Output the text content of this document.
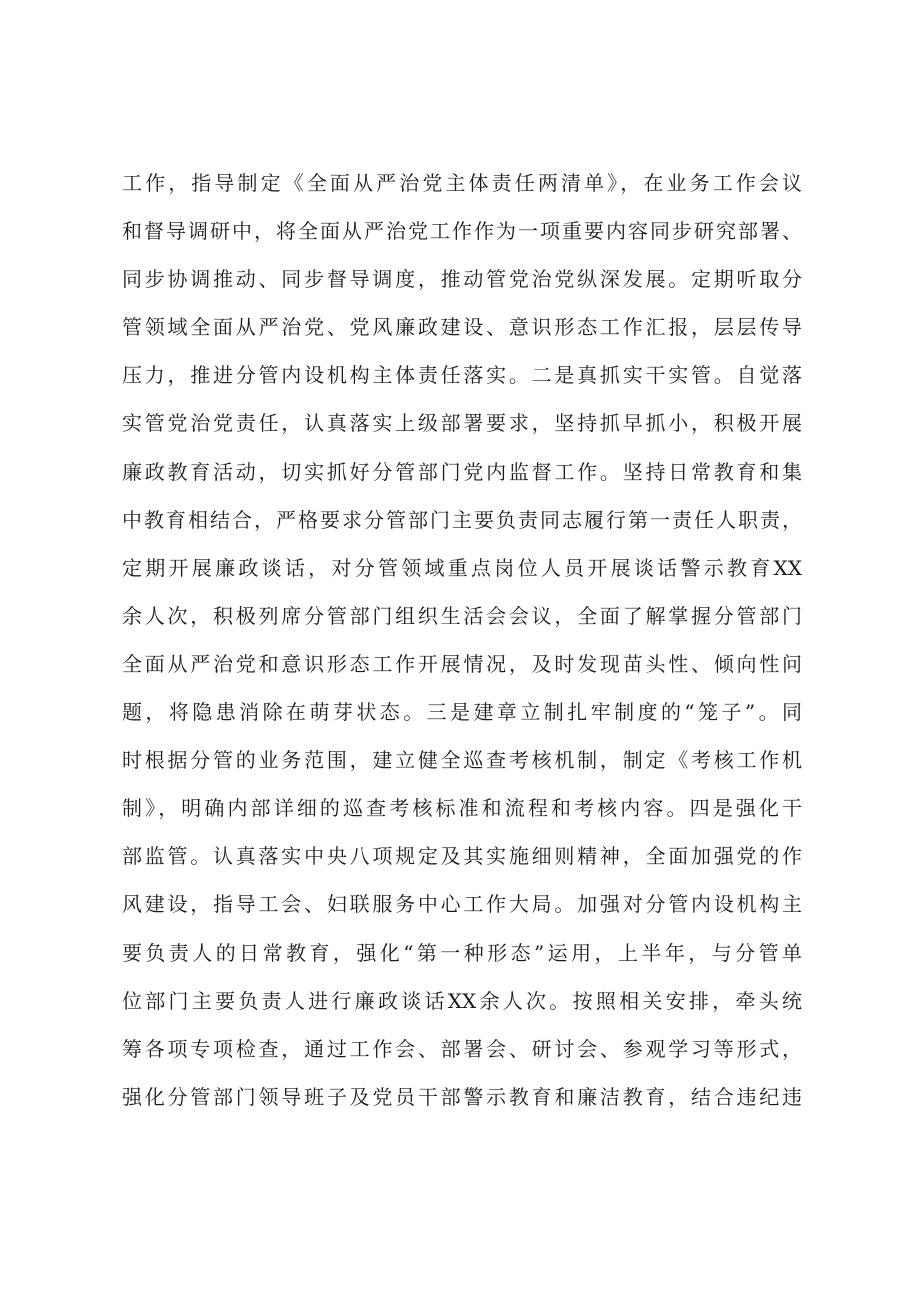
工作，指导制定《全面从严治党主体责任两清单》，在业务工作会议
和督导调研中，将全面从严治党工作作为一项重要内容同步研究部署、
同步协调推动、同步督导调度，推动管党治党纵深发展。定期听取分
管领域全面从严治党、党风廉政建设、意识形态工作汇报，层层传导
压力，推进分管内设机构主体责任落实。二是真抓实干实管。自觉落
实管党治党责任，认真落实上级部署要求，坚持抓早抓小，积极开展
廉政教育活动，切实抓好分管部门党内监督工作。坚持日常教育和集
中教育相结合，严格要求分管部门主要负责同志履行第一责任人职责，
定期开展廉政谈话，对分管领域重点岗位人员开展谈话警示教育XX
余人次，积极列席分管部门组织生活会会议，全面了解掌握分管部门
全面从严治党和意识形态工作开展情况，及时发现苗头性、倾向性问
题，将隐患消除在萌芽状态。三是建章立制扎牢制度的“笼子”。同
时根据分管的业务范围，建立健全巡查考核机制，制定《考核工作机
制》，明确内部详细的巡查考核标准和流程和考核内容。四是强化干
部监管。认真落实中央八项规定及其实施细则精神，全面加强党的作
风建设，指导工会、妇联服务中心工作大局。加强对分管内设机构主
要负责人的日常教育，强化“第一种形态”运用，上半年，与分管单
位部门主要负责人进行廉政谈话XX余人次。按照相关安排，牵头统
筹各项专项检查，通过工作会、部署会、研讨会、参观学习等形式，
强化分管部门领导班子及党员干部警示教育和廉洁教育，结合违纪违
